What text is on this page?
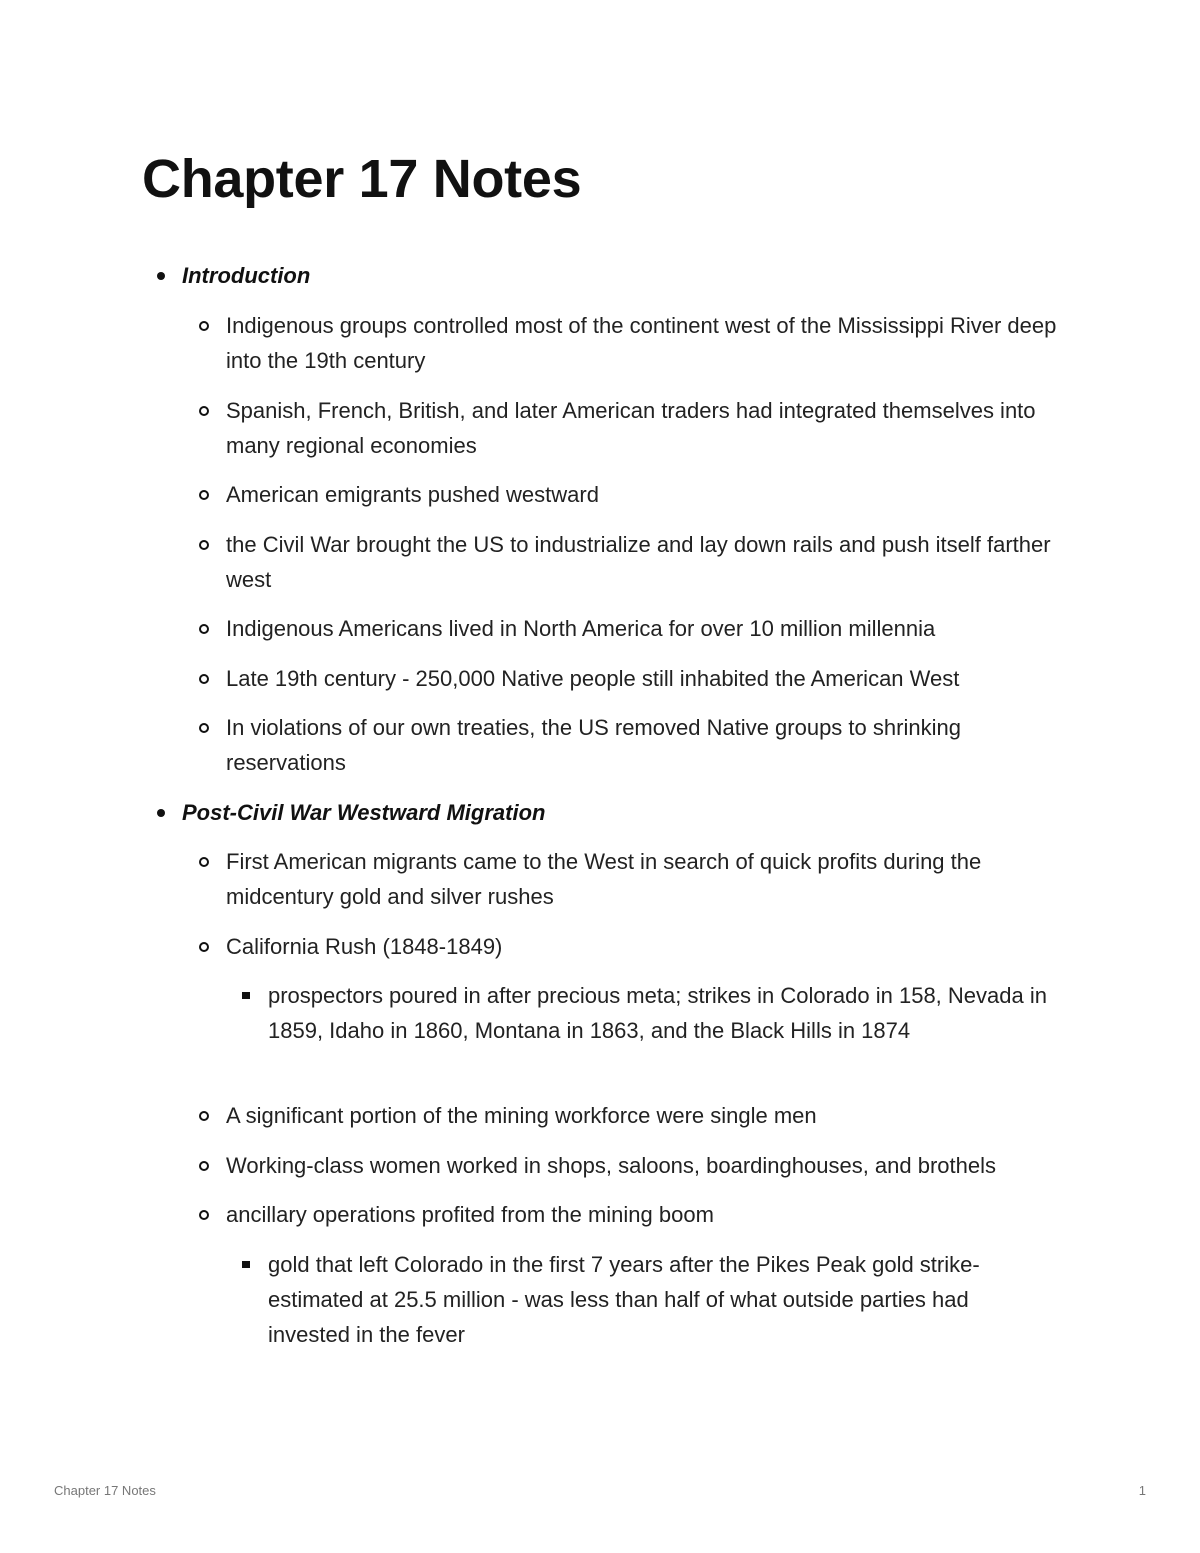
Chapter 17 Notes
Introduction
Indigenous groups controlled most of the continent west of the Mississippi River deep into the 19th century
Spanish, French, British, and later American traders had integrated themselves into many regional economies
American emigrants pushed westward
the Civil War brought the US to industrialize and lay down rails and push itself farther west
Indigenous Americans lived in North America for over 10 million millennia
Late 19th century - 250,000 Native people still inhabited the American West
In violations of our own treaties, the US removed Native groups to shrinking reservations
Post-Civil War Westward Migration
First American migrants came to the West in search of quick profits during the midcentury gold and silver rushes
California Rush (1848-1849)
prospectors poured in after precious meta; strikes in Colorado in 158, Nevada in 1859, Idaho in 1860, Montana in 1863, and the Black Hills in 1874
A significant portion of the mining workforce were single men
Working-class women worked in shops, saloons, boardinghouses, and brothels
ancillary operations profited from the mining boom
gold that left Colorado in the first 7 years after the Pikes Peak gold strike- estimated at 25.5 million - was less than half of what outside parties had invested in the fever
Chapter 17 Notes	1
